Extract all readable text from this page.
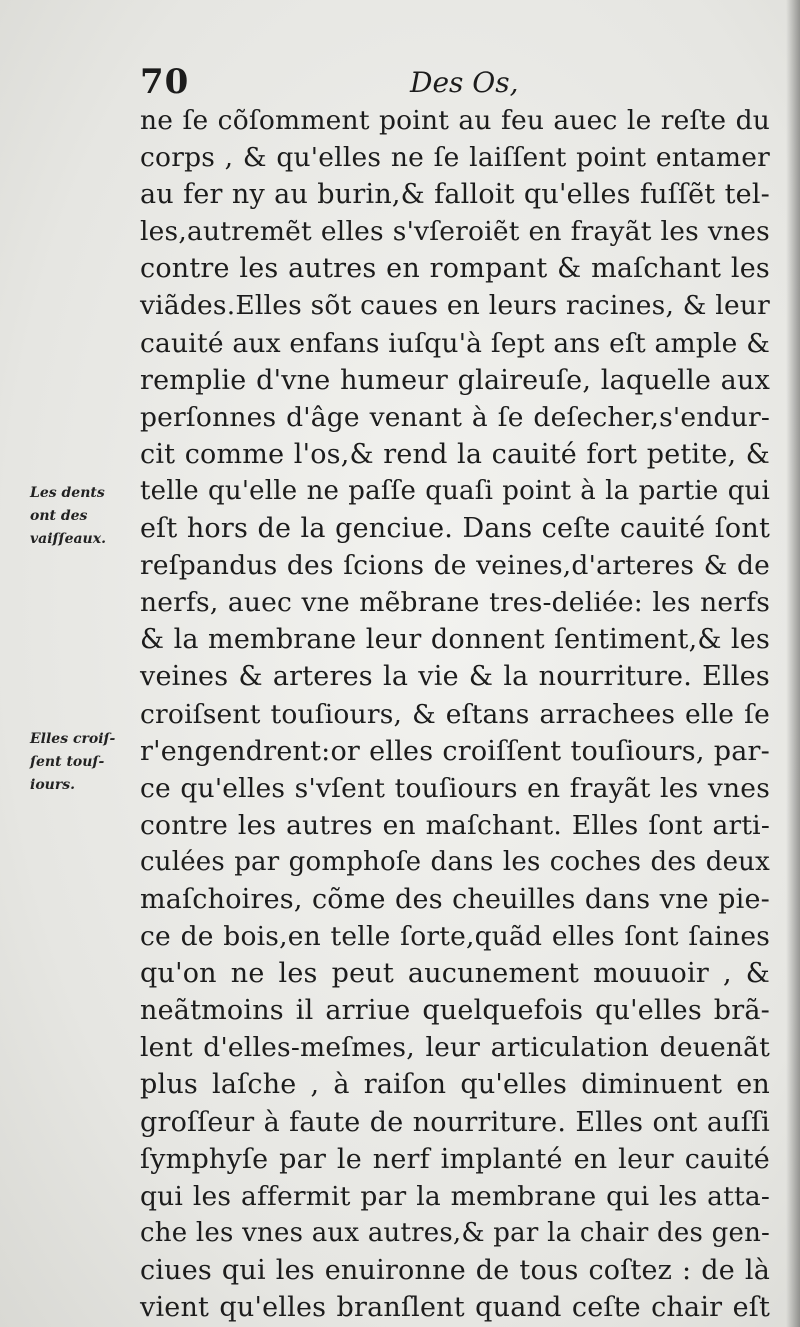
70	Des Os,
Les dents
ont des
vaiſſeaux.
Elles croiſ-
ſent touſ-
iours.
ne ſe cõſomment point au feu auec le reſte du
corps , & qu'elles ne ſe laiſſent point entamer
au fer ny au burin,& falloit qu'elles fuſſẽt tel-
les,autremẽt elles s'vſeroiẽt en frayãt les vnes
contre les autres en rompant & maſchant les
viãdes.Elles sõt caues en leurs racines, & leur
cauité aux enfans iuſqu'à ſept ans eſt ample &
remplie d'vne humeur glaireuſe, laquelle aux
perſonnes d'âge venant à ſe deſecher,s'endur-
cit comme l'os,& rend la cauité fort petite, &
telle qu'elle ne paſſe quaſi point à la partie qui
eſt hors de la genciue. Dans ceſte cauité ſont
reſpandus des ſcions de veines,d'arteres & de
nerfs, auec vne mẽbrane tres-deliée: les nerfs
& la membrane leur donnent ſentiment,& les
veines & arteres la vie & la nourriture. Elles
croiſsent touſiours, & eſtans arrachees elle ſe
r'engendrent:or elles croiſſent touſiours, par-
ce qu'elles s'vſent touſiours en frayãt les vnes
contre les autres en maſchant. Elles ſont arti-
culées par gomphoſe dans les coches des deux
maſchoires, cõme des cheuilles dans vne pie-
ce de bois,en telle ſorte,quãd elles ſont ſaines
qu'on ne les peut aucunement mouuoir , &
neãtmoins il arriue quelquefois qu'elles brã-
lent d'elles-meſmes, leur articulation deuenãt
plus laſche , à raiſon qu'elles diminuent en
groſſeur à faute de nourriture. Elles ont auſſi
ſymphyſe par le nerf implanté en leur cauité
qui les affermit par la membrane qui les atta-
che les vnes aux autres,& par la chair des gen-
ciues qui les enuironne de tous coſtez : de là
vient qu'elles branſlent quand ceſte chair eſt
